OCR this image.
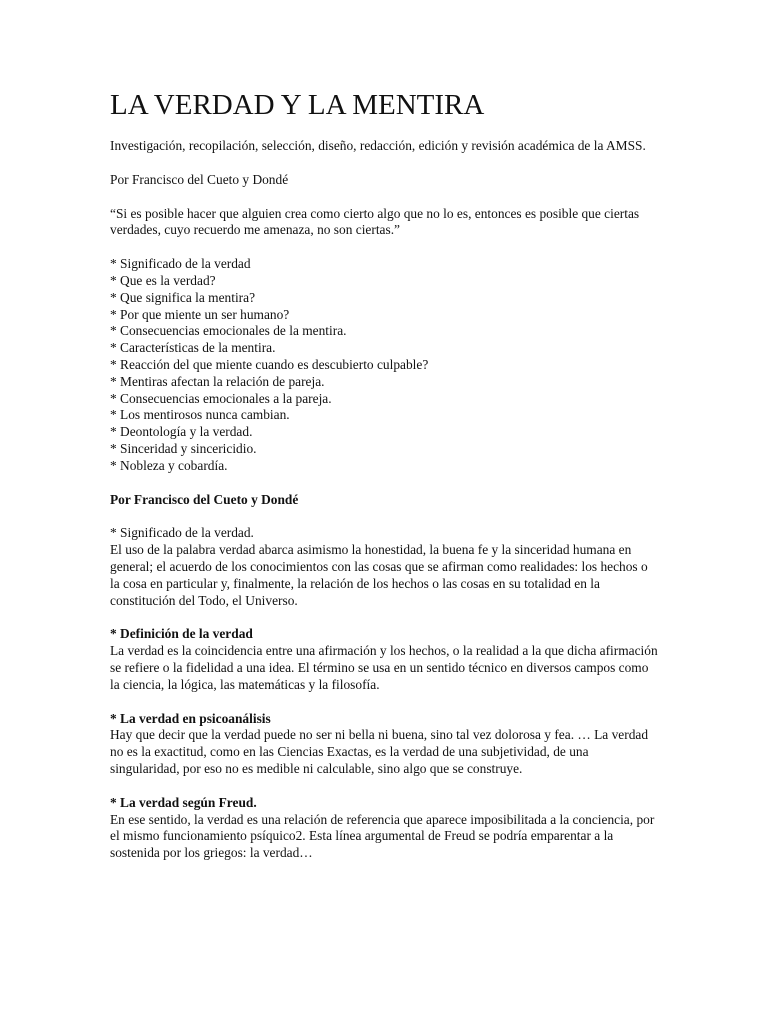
LA VERDAD Y LA MENTIRA

Investigación, recopilación, selección, diseño, redacción, edición y revisión académica de la AMSS.

Por Francisco del Cueto y Dondé

“Si es posible hacer que alguien crea como cierto algo que no lo es, entonces es posible que ciertas verdades, cuyo recuerdo me amenaza, no son ciertas.”

* Significado de la verdad
* Que es la verdad?
* Que significa la mentira?
* Por que miente un ser humano?
* Consecuencias emocionales de la mentira.
* Características de la mentira.
* Reacción del que miente cuando es descubierto culpable?
* Mentiras afectan la relación de pareja.
* Consecuencias emocionales a la pareja.
* Los mentirosos nunca cambian.
* Deontología y la verdad.
* Sinceridad y sincericidio.
* Nobleza y cobardía.

Por Francisco del Cueto y Dondé

* Significado de la verdad.
El uso de la palabra verdad abarca asimismo la honestidad, la buena fe y la sinceridad humana en general; el acuerdo de los conocimientos con las cosas que se afirman como realidades: los hechos o la cosa en particular y, finalmente, la relación de los hechos o las cosas en su totalidad en la constitución del Todo, el Universo.
* Definición de la verdad
La verdad es la coincidencia entre una afirmación y los hechos, o la realidad a la que dicha afirmación se refiere o la fidelidad a una idea. El término se usa en un sentido técnico en diversos campos como la ciencia, la lógica, las matemáticas y la filosofía.
* La verdad en psicoanálisis
Hay que decir que la verdad puede no ser ni bella ni buena, sino tal vez dolorosa y fea. … La verdad no es la exactitud, como en las Ciencias Exactas, es la verdad de una subjetividad, de una singularidad, por eso no es medible ni calculable, sino algo que se construye.
* La verdad según Freud.
En ese sentido, la verdad es una relación de referencia que aparece imposibilitada a la conciencia, por el mismo funcionamiento psíquico2. Esta línea argumental de Freud se podría emparentar a la sostenida por los griegos: la verdad…
